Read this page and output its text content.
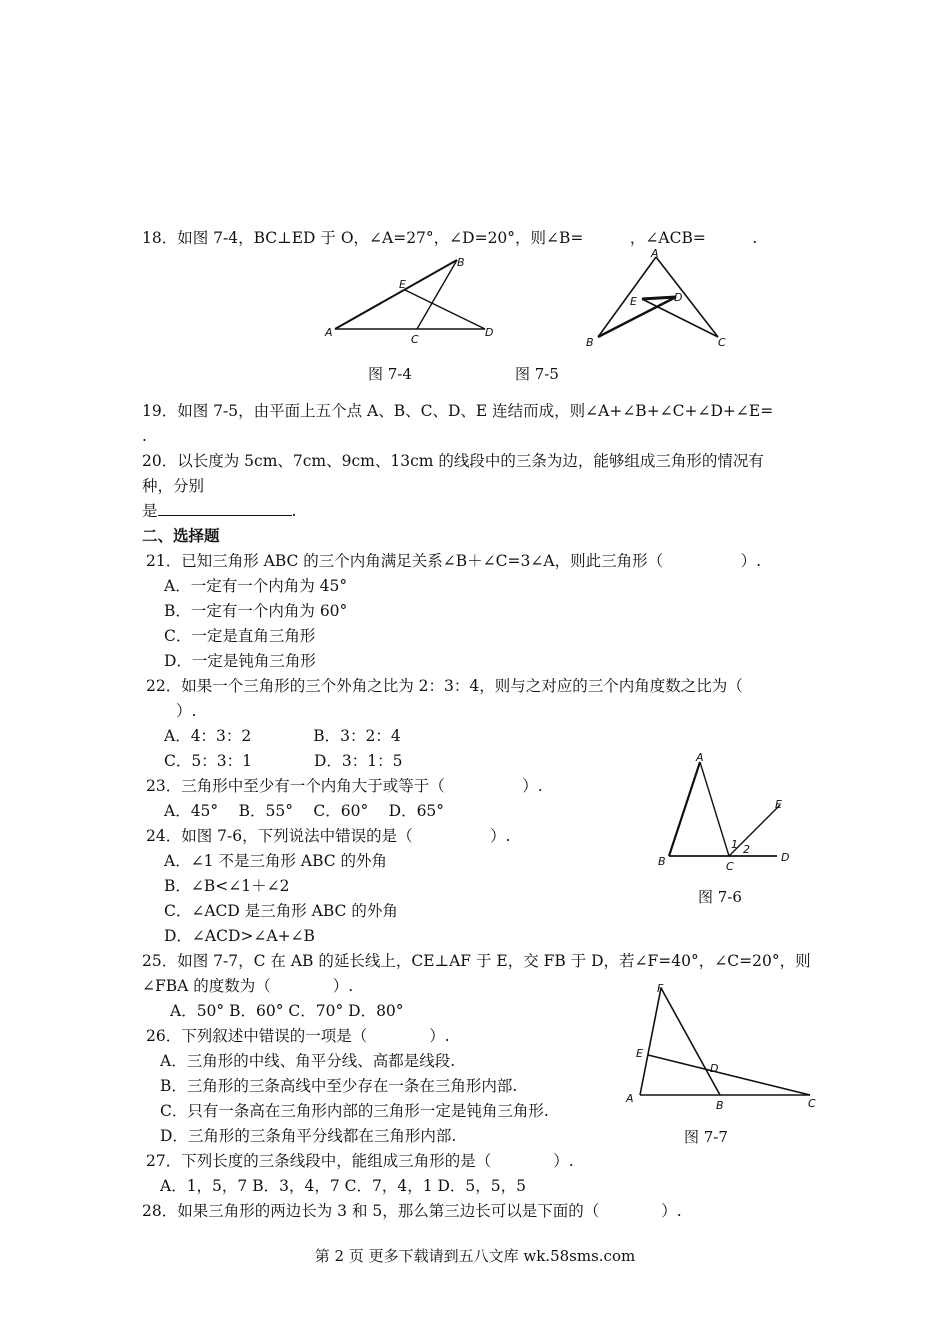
18．如图 7-4，BC⊥ED 于 O，∠A=27°，∠D=20°，则∠B=　　　，∠ACB=　　　.
A
B
C
D
E
A
B	C
D
E
图 7-4	图 7-5
19．如图 7-5，由平面上五个点 A、B、C、D、E 连结而成，则∠A+∠B+∠C+∠D+∠E=
.
20．以长度为 5cm、7cm、9cm、13cm 的线段中的三条为边，能够组成三角形的情况有
种，分别
是	.
二、选择题
21．已知三角形 ABC 的三个内角满足关系∠B＋∠C=3∠A，则此三角形（　　　　　）.
A．一定有一个内角为 45°
B．一定有一个内角为 60°
C．一定是直角三角形
D．一定是钝角三角形
22．如果一个三角形的三个外角之比为 2：3：4，则与之对应的三个内角度数之比为（
）.
A．4：3：2　　　　B．3：2：4
C．5：3：1　　　　D．3：1：5
23．三角形中至少有一个内角大于或等于（　　　　　）.
A．45°　 B．55°　 C．60°　 D．65°
A
B	C
D
E
1 2
24．如图 7-6，下列说法中错误的是（　　　　　）.
A．∠1 不是三角形 ABC 的外角
图 7-6
B．∠B<∠1＋∠2
C．∠ACD 是三角形 ABC 的外角
D．∠ACD>∠A+∠B
25．如图 7-7，C 在 AB 的延长线上，CE⊥AF 于 E，交 FB 于 D，若∠F=40°，∠C=20°，则
∠FBA 的度数为（　　　　）.
A．50° B．60° C．70° D．80°
F
E
D
A
B	C
26．下列叙述中错误的一项是（　　　　）.
A．三角形的中线、角平分线、高都是线段.
B．三角形的三条高线中至少存在一条在三角形内部.
C．只有一条高在三角形内部的三角形一定是钝角三角形.
D．三角形的三条角平分线都在三角形内部.	图 7-7
27．下列长度的三条线段中，能组成三角形的是（　　　　）.
A．1，5，7 B．3，4，7 C．7，4，1 D．5，5，5
28．如果三角形的两边长为 3 和 5，那么第三边长可以是下面的（　　　　）.
第 2 页 更多下载请到五八文库 wk.58sms.com
